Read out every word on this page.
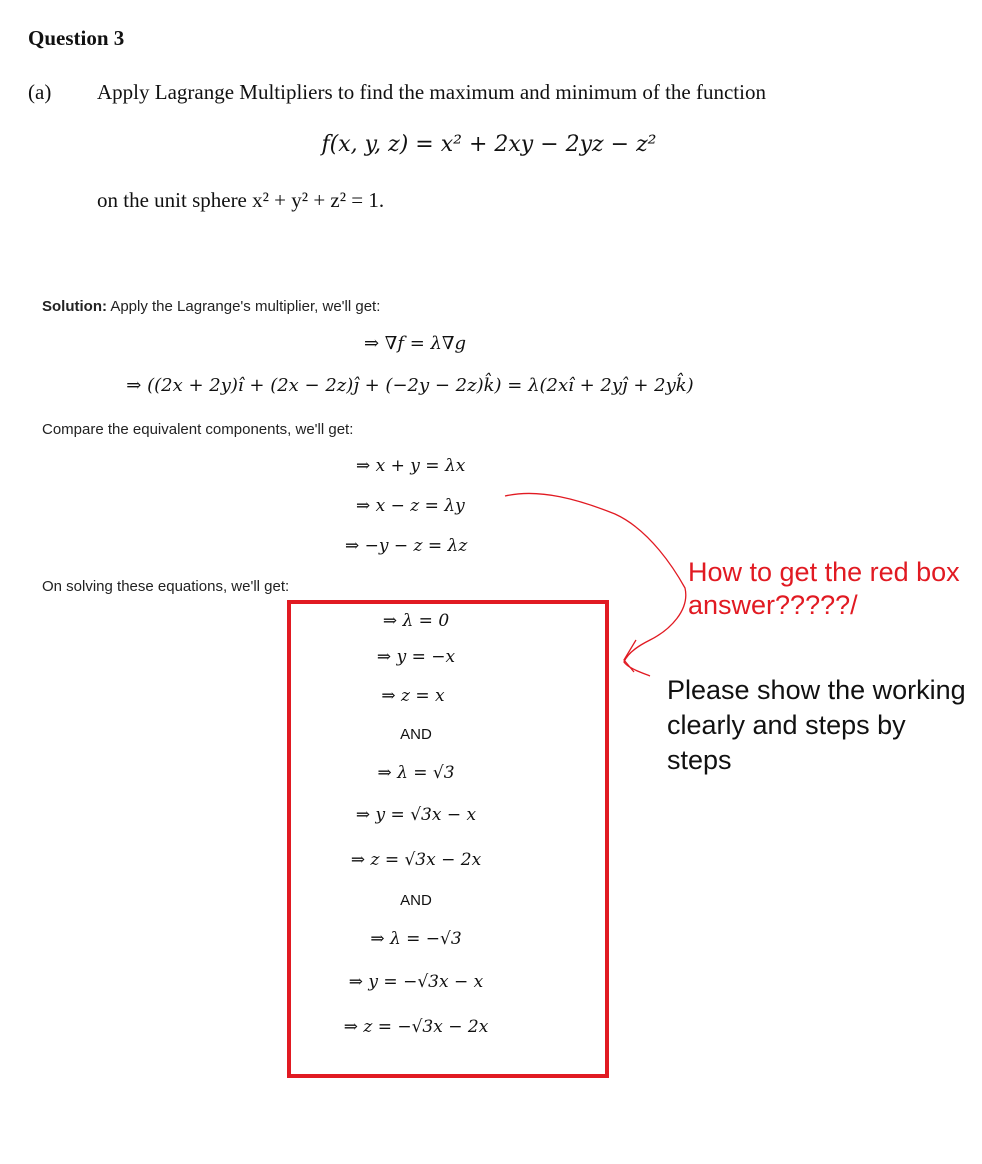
Question 3
(a) Apply Lagrange Multipliers to find the maximum and minimum of the function
f(x, y, z) = x² + 2xy − 2yz − z²
on the unit sphere x² + y² + z² = 1.
Solution: Apply the Lagrange's multiplier, we'll get:
⇒ ∇f = λ∇g
⇒ ((2x + 2y)î + (2x − 2z)ĵ + (−2y − 2z)k̂) = λ(2xî + 2yĵ + 2yk̂)
Compare the equivalent components, we'll get:
⇒ x + y = λx
⇒ x − z = λy
⇒ −y − z = λz
On solving these equations, we'll get:
⇒ λ = 0
⇒ y = −x
⇒ z = x
AND
⇒ λ = √3
⇒ y = √3x − x
⇒ z = √3x − 2x
AND
⇒ λ = −√3
⇒ y = −√3x − x
⇒ z = −√3x − 2x
How to get the red box answer?????/
Please show the working clearly and steps by steps
